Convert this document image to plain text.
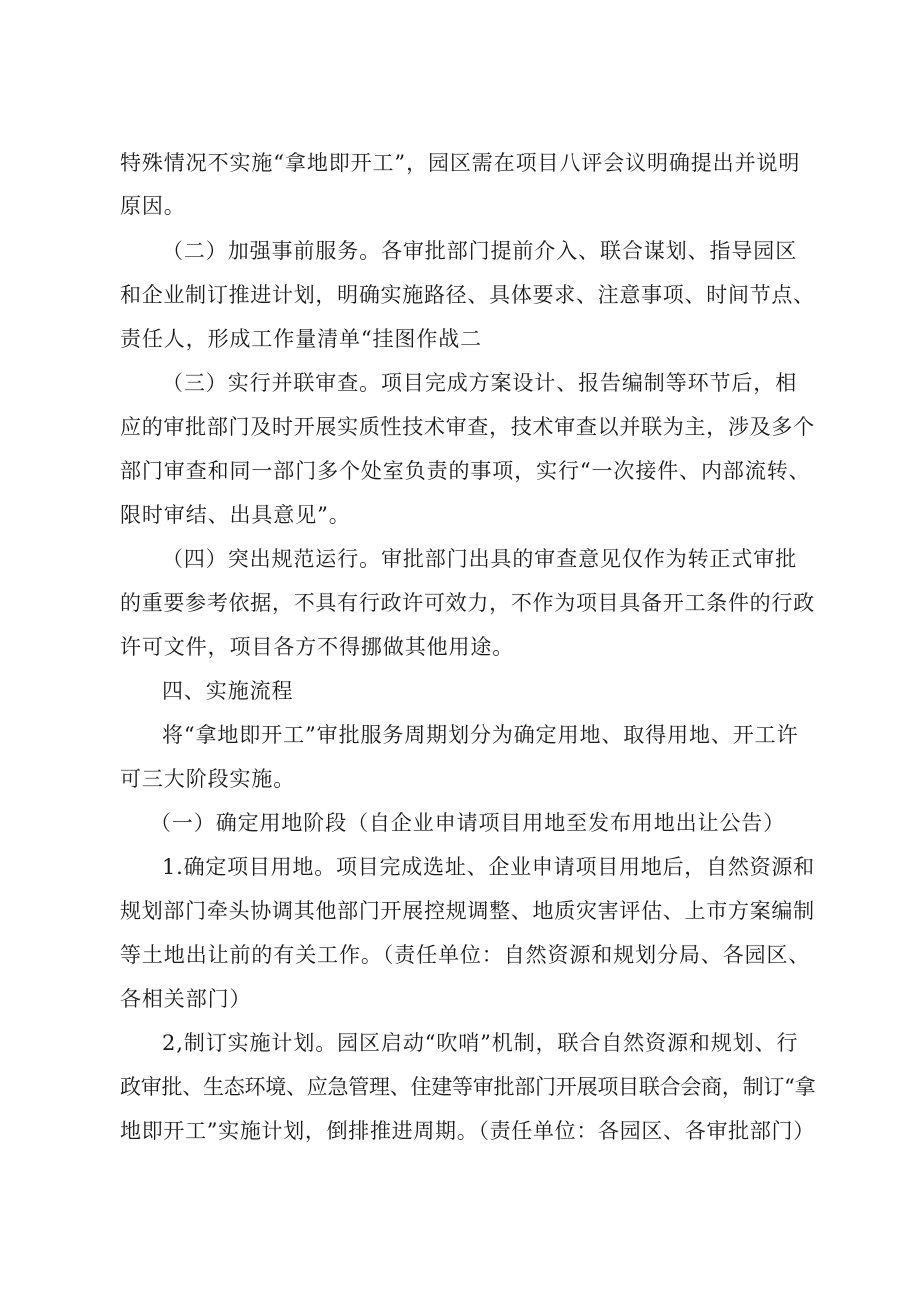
特殊情况不实施“拿地即开工”，园区需在项目八评会议明确提出并说明
原因。
（二）加强事前服务。各审批部门提前介入、联合谋划、指导园区
和企业制订推进计划，明确实施路径、具体要求、注意事项、时间节点、
责任人，形成工作量清单“挂图作战二
（三）实行并联审查。项目完成方案设计、报告编制等环节后，相
应的审批部门及时开展实质性技术审查，技术审查以并联为主，涉及多个
部门审查和同一部门多个处室负责的事项，实行“一次接件、内部流转、
限时审结、出具意见”。
（四）突出规范运行。审批部门出具的审查意见仅作为转正式审批
的重要参考依据，不具有行政许可效力，不作为项目具备开工条件的行政
许可文件，项目各方不得挪做其他用途。
四、实施流程
将“拿地即开工”审批服务周期划分为确定用地、取得用地、开工许
可三大阶段实施。
（一）确定用地阶段（自企业申请项目用地至发布用地出让公告）
1.确定项目用地。项目完成选址、企业申请项目用地后，自然资源和
规划部门牵头协调其他部门开展控规调整、地质灾害评估、上市方案编制
等土地出让前的有关工作。（责任单位：自然资源和规划分局、各园区、
各相关部门）
2,制订实施计划。园区启动“吹哨”机制，联合自然资源和规划、行
政审批、生态环境、应急管理、住建等审批部门开展项目联合会商，制订“拿
地即开工”实施计划，倒排推进周期。（责任单位：各园区、各审批部门）
